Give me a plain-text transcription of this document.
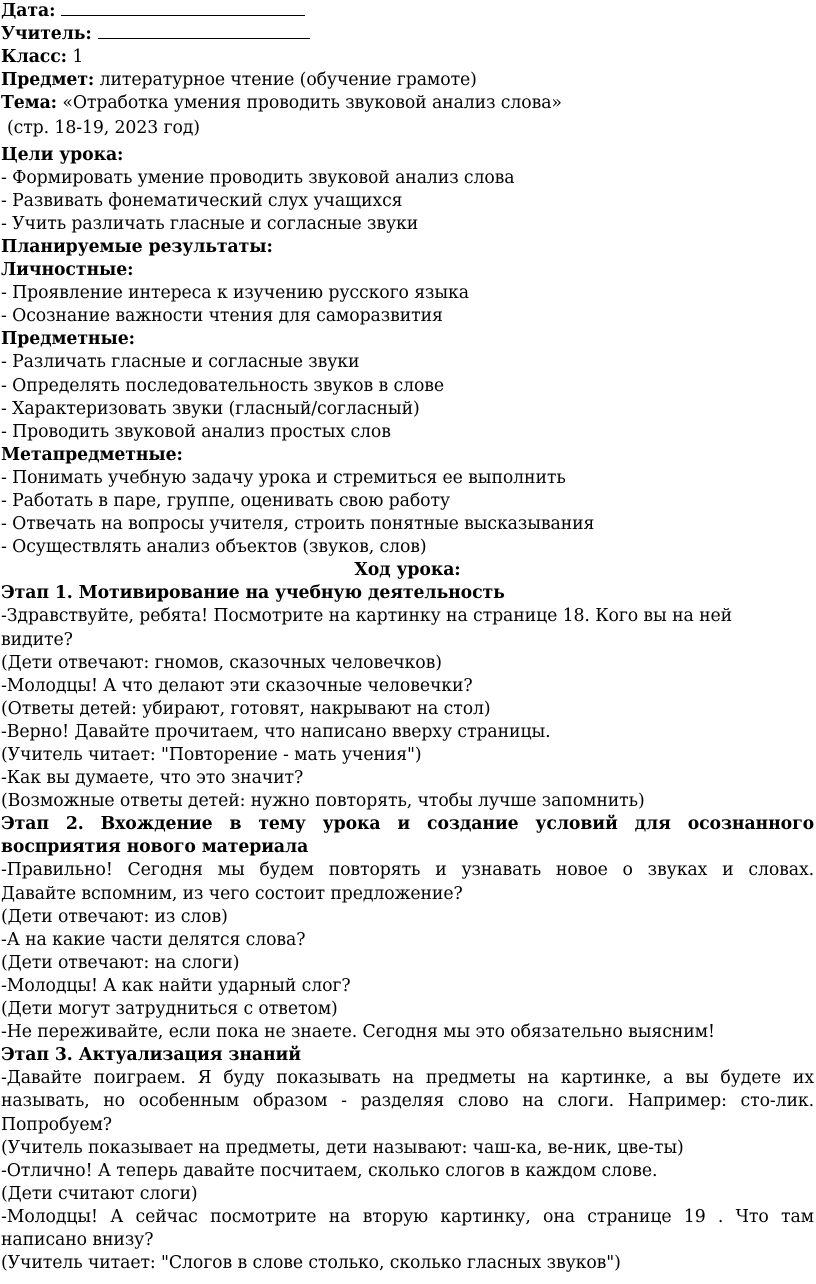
Дата:
Учитель:
Класс: 1
Предмет: литературное чтение (обучение грамоте)
Тема: «Отработка умения проводить звуковой анализ слова»
(стр. 18-19, 2023 год)
Цели урока:
- Формировать умение проводить звуковой анализ слова
- Развивать фонематический слух учащихся
- Учить различать гласные и согласные звуки
Планируемые результаты:
Личностные:
- Проявление интереса к изучению русского языка
- Осознание важности чтения для саморазвития
Предметные:
- Различать гласные и согласные звуки
- Определять последовательность звуков в слове
- Характеризовать звуки (гласный/согласный)
- Проводить звуковой анализ простых слов
Метапредметные:
- Понимать учебную задачу урока и стремиться ее выполнить
- Работать в паре, группе, оценивать свою работу
- Отвечать на вопросы учителя, строить понятные высказывания
- Осуществлять анализ объектов (звуков, слов)
Ход урока:
Этап 1. Мотивирование на учебную деятельность
-Здравствуйте, ребята! Посмотрите на картинку на странице 18. Кого вы на ней
видите?
(Дети отвечают: гномов, сказочных человечков)
-Молодцы! А что делают эти сказочные человечки?
(Ответы детей: убирают, готовят, накрывают на стол)
-Верно! Давайте прочитаем, что написано вверху страницы.
(Учитель читает: "Повторение - мать учения")
-Как вы думаете, что это значит?
(Возможные ответы детей: нужно повторять, чтобы лучше запомнить)
Этап 2. Вхождение в тему урока и создание условий для осознанного
восприятия нового материала
-Правильно! Сегодня мы будем повторять и узнавать новое о звуках и словах.
Давайте вспомним, из чего состоит предложение?
(Дети отвечают: из слов)
-А на какие части делятся слова?
(Дети отвечают: на слоги)
-Молодцы! А как найти ударный слог?
(Дети могут затрудниться с ответом)
-Не переживайте, если пока не знаете. Сегодня мы это обязательно выясним!
Этап 3. Актуализация знаний
-Давайте поиграем. Я буду показывать на предметы на картинке, а вы будете их
называть, но особенным образом - разделяя слово на слоги. Например: сто-лик.
Попробуем?
(Учитель показывает на предметы, дети называют: чаш-ка, ве-ник, цве-ты)
-Отлично! А теперь давайте посчитаем, сколько слогов в каждом слове.
(Дети считают слоги)
-Молодцы! А сейчас посмотрите на вторую картинку, она странице 19 . Что там
написано внизу?
(Учитель читает: "Слогов в слове столько, сколько гласных звуков")
